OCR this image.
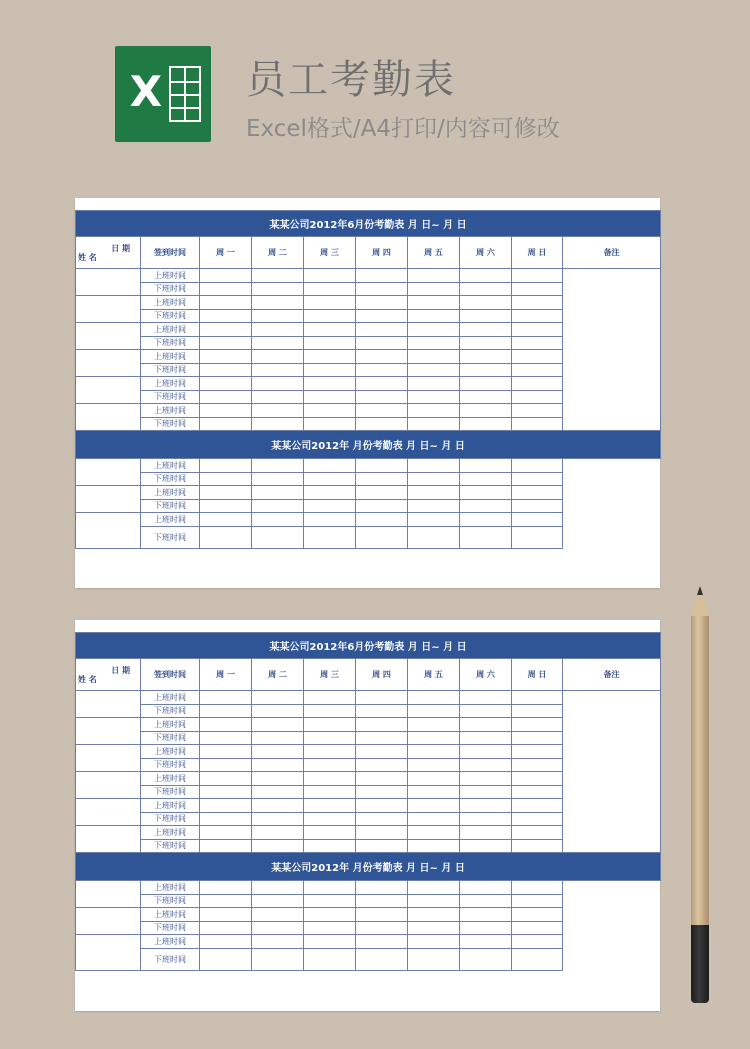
X 员工考勤表
Excel格式/A4打印/内容可修改
某某公司2012年6月份考勤表 月 日~ 月 日									

日 期
姓 名	签到时间	周 一	周 二	周 三	周 四	周 五	周 六	周 日	备注
	上班时间								
	下班时间								
	上班时间								
	下班时间								
	上班时间								
	下班时间								
	上班时间								
	下班时间								
	上班时间								
	下班时间								
	上班时间								
	下班时间								
某某公司2012年 月份考勤表 月 日~ 月 日									
	上班时间								
	下班时间								
	上班时间								
	下班时间								
	上班时间								
	下班时间								
某某公司2012年6月份考勤表 月 日~ 月 日									

日 期
姓 名	签到时间	周 一	周 二	周 三	周 四	周 五	周 六	周 日	备注
	上班时间								
	下班时间								
	上班时间								
	下班时间								
	上班时间								
	下班时间								
	上班时间								
	下班时间								
	上班时间								
	下班时间								
	上班时间								
	下班时间								
某某公司2012年 月份考勤表 月 日~ 月 日									
	上班时间								
	下班时间								
	上班时间								
	下班时间								
	上班时间								
	下班时间								
